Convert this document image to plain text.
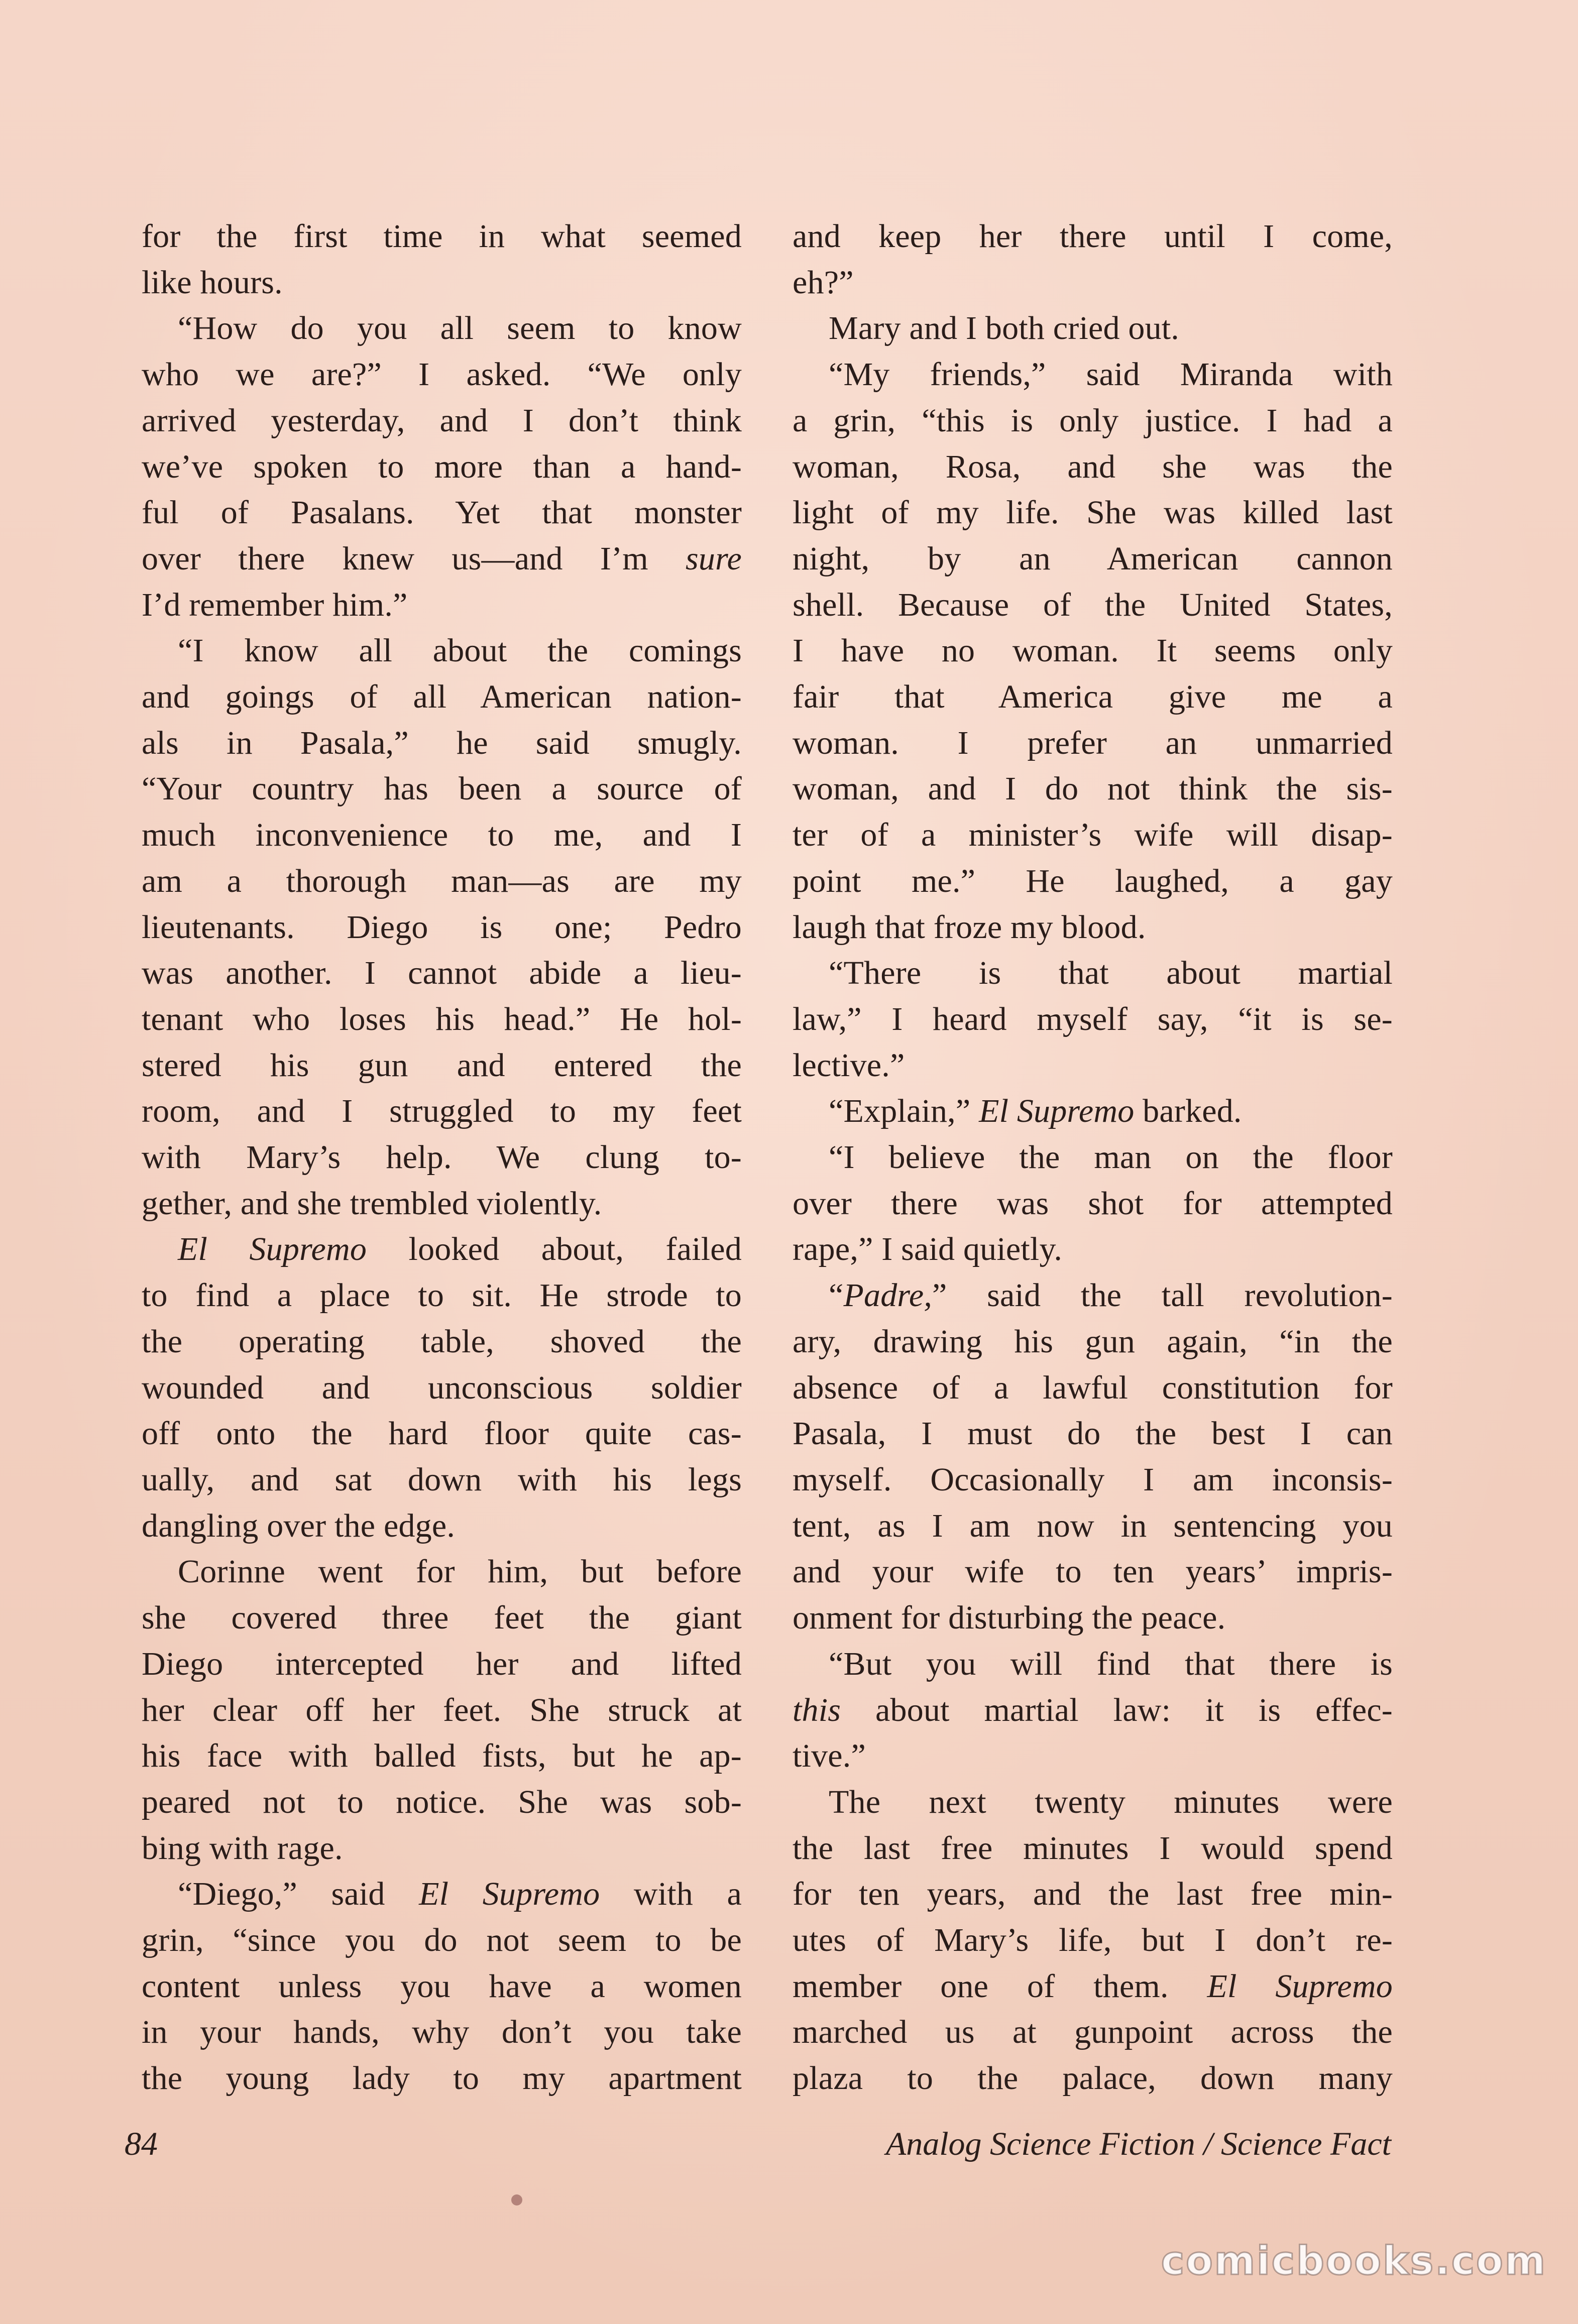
for the first time in what seemed
like hours.

“How do you all seem to know
who we are?” I asked. “We only
arrived yesterday, and I don’t think
we’ve spoken to more than a hand-
ful of Pasalans. Yet that monster
over there knew us—and I’m sure
I’d remember him.”

“I know all about the comings
and goings of all American nation-
als in Pasala,” he said smugly.
“Your country has been a source of
much inconvenience to me, and I
am a thorough man—as are my
lieutenants. Diego is one; Pedro
was another. I cannot abide a lieu-
tenant who loses his head.” He hol-
stered his gun and entered the
room, and I struggled to my feet
with Mary’s help. We clung to-
gether, and she trembled violently.

El Supremo looked about, failed
to find a place to sit. He strode to
the operating table, shoved the
wounded and unconscious soldier
off onto the hard floor quite cas-
ually, and sat down with his legs
dangling over the edge.

Corinne went for him, but before
she covered three feet the giant
Diego intercepted her and lifted
her clear off her feet. She struck at
his face with balled fists, but he ap-
peared not to notice. She was sob-
bing with rage.

“Diego,” said El Supremo with a
grin, “since you do not seem to be
content unless you have a women
in your hands, why don’t you take
the young lady to my apartment

and keep her there until I come,
eh?”

Mary and I both cried out.

“My friends,” said Miranda with
a grin, “this is only justice. I had a
woman, Rosa, and she was the
light of my life. She was killed last
night, by an American cannon
shell. Because of the United States,
I have no woman. It seems only
fair that America give me a
woman. I prefer an unmarried
woman, and I do not think the sis-
ter of a minister’s wife will disap-
point me.” He laughed, a gay
laugh that froze my blood.

“There is that about martial
law,” I heard myself say, “it is se-
lective.”

“Explain,” El Supremo barked.

“I believe the man on the floor
over there was shot for attempted
rape,” I said quietly.

“Padre,” said the tall revolution-
ary, drawing his gun again, “in the
absence of a lawful constitution for
Pasala, I must do the best I can
myself. Occasionally I am inconsis-
tent, as I am now in sentencing you
and your wife to ten years’ impris-
onment for disturbing the peace.

“But you will find that there is
this about martial law: it is effec-
tive.”

The next twenty minutes were
the last free minutes I would spend
for ten years, and the last free min-
utes of Mary’s life, but I don’t re-
member one of them. El Supremo
marched us at gunpoint across the
plaza to the palace, down many

84	Analog Science Fiction / Science Fact
comicbooks.com
